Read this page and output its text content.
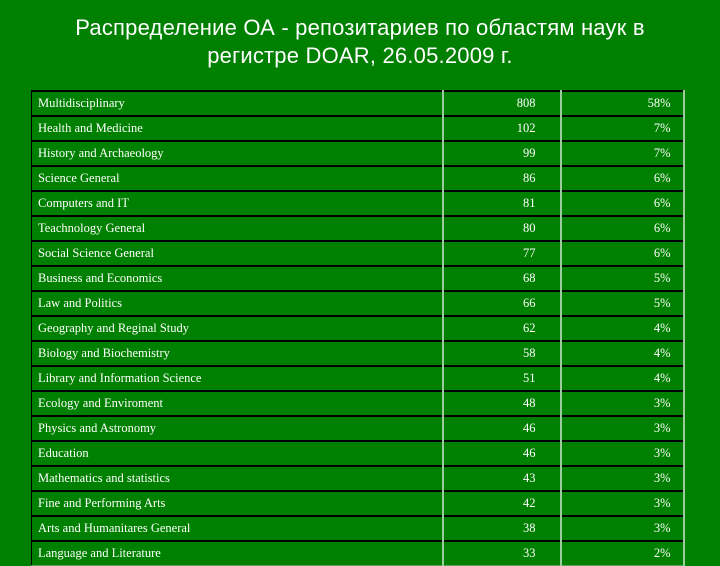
Распределение ОА - репозитариев по областям наук в
регистре DOAR, 26.05.2009 г.
Multidisciplinary	808	58%
Health and Medicine	102	7%
History and Archaeology	99	7%
Science General	86	6%
Computers and IT	81	6%
Teachnology General	80	6%
Social Science General	77	6%
Business and Economics	68	5%
Law and Politics	66	5%
Geography and Reginal Study	62	4%
Biology and Biochemistry	58	4%
Library and Information Science	51	4%
Ecology and Enviroment	48	3%
Physics and Astronomy	46	3%
Education	46	3%
Mathematics and statistics	43	3%
Fine and Performing Arts	42	3%
Arts and Humanitares General	38	3%
Language and Literature	33	2%
